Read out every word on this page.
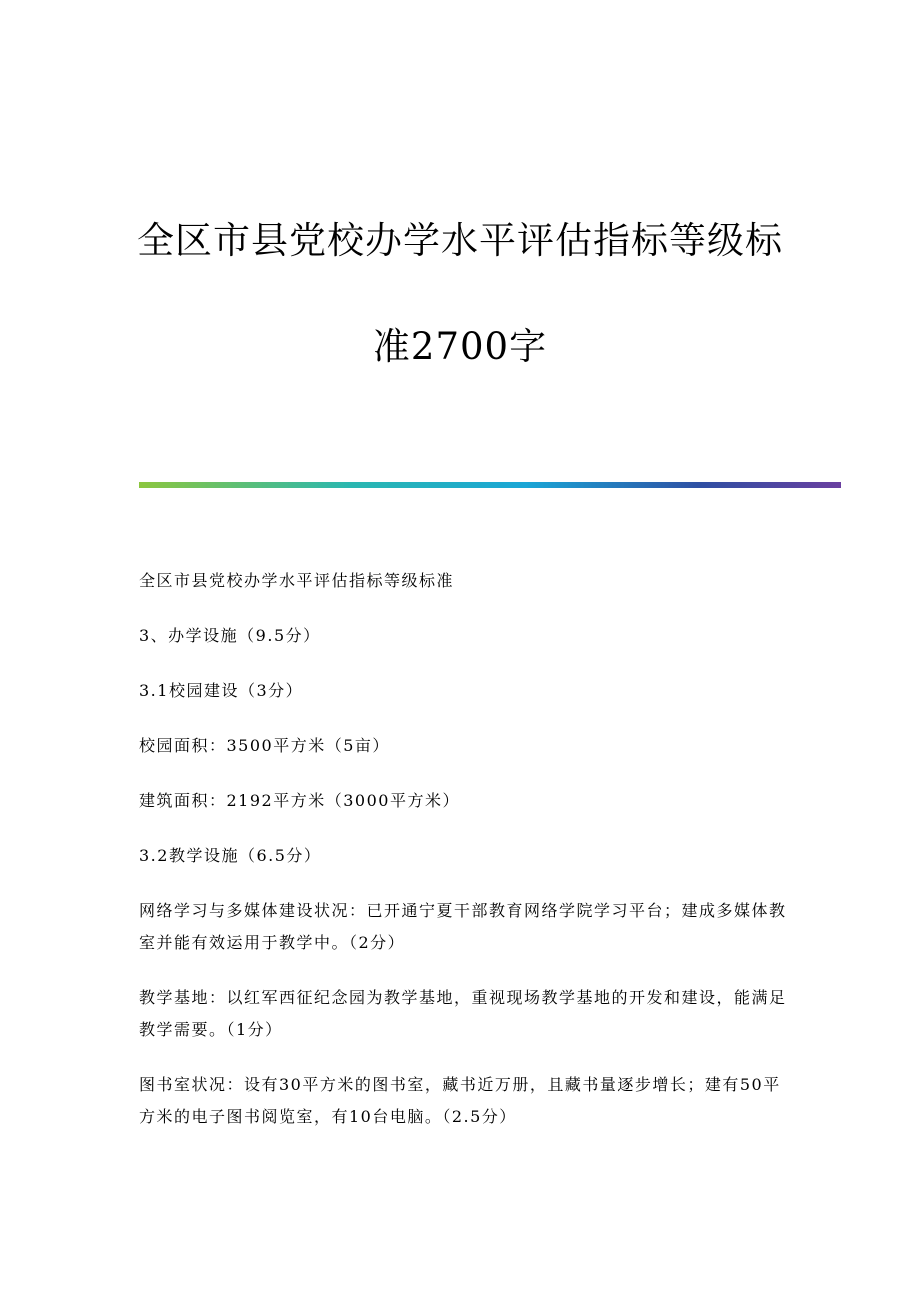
全区市县党校办学水平评估指标等级标
准2700字

全区市县党校办学水平评估指标等级标准

3、办学设施（9.5分）

3.1校园建设（3分）

校园面积：3500平方米（5亩）

建筑面积：2192平方米（3000平方米）

3.2教学设施（6.5分）

网络学习与多媒体建设状况：已开通宁夏干部教育网络学院学习平台；建成多媒体教室并能有效运用于教学中。（2分）

教学基地：以红军西征纪念园为教学基地，重视现场教学基地的开发和建设，能满足教学需要。（1分）

图书室状况：设有30平方米的图书室，藏书近万册，且藏书量逐步增长；建有50平方米的电子图书阅览室，有10台电脑。（2.5分）
